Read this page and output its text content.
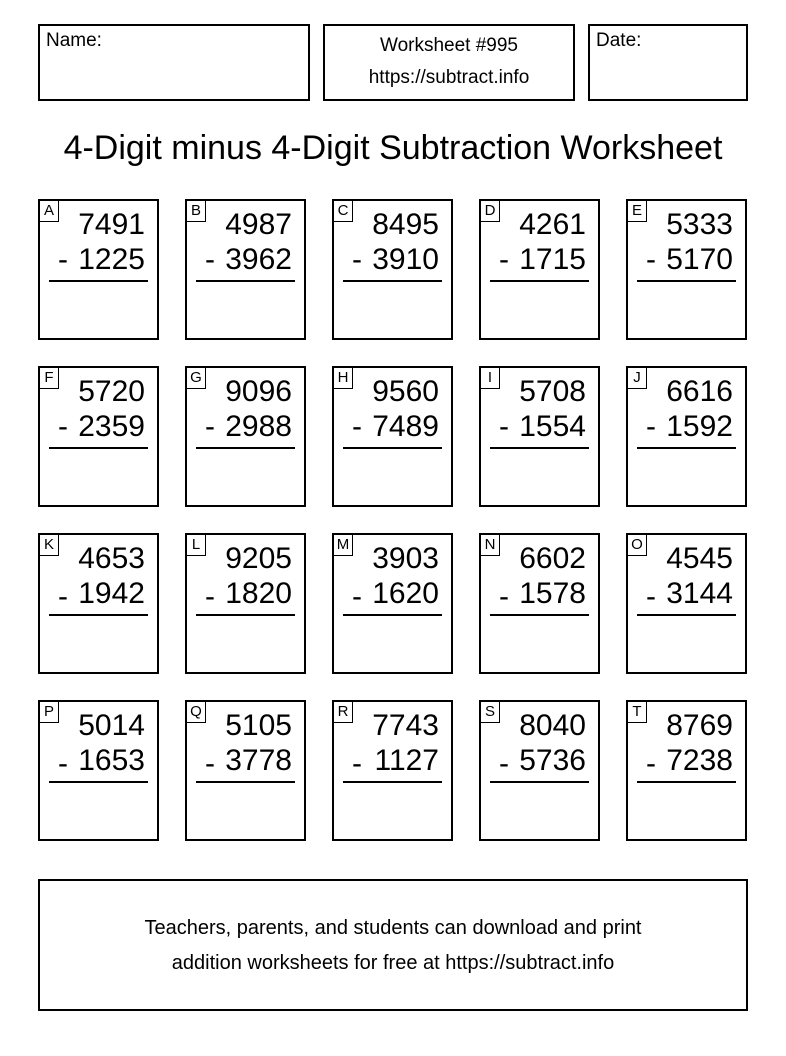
Name:	Worksheet #995
https://subtract.info
Date:
4-Digit minus 4-Digit Subtraction Worksheet
A 7491
- 1225
B 4987
- 3962
C 8495
- 3910
D 4261
- 1715
E 5333
- 5170
F 5720
- 2359
G 9096
- 2988
H 9560
- 7489
I 5708
- 1554
J 6616
- 1592
K 4653
- 1942
L 9205
- 1820
M 3903
- 1620
N 6602
- 1578
O 4545
- 3144
P 5014
- 1653
Q 5105
- 3778
R 7743
- 1127
S 8040
- 5736
T 8769
- 7238
Teachers, parents, and students can download and print
addition worksheets for free at https://subtract.info
